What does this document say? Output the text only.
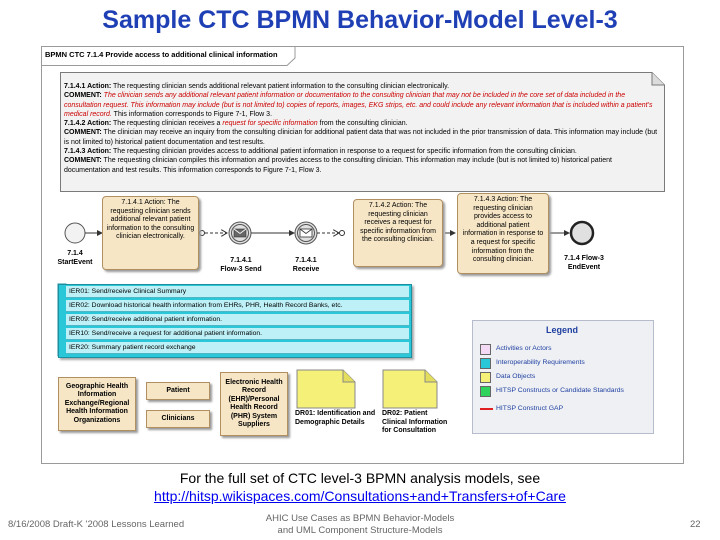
Sample CTC BPMN Behavior-Model Level-3
BPMN CTC 7.1.4 Provide access to additional clinical information

7.1.4.1 Action: The requesting clinician sends additional relevant patient information to the consulting clinician electronically.

COMMENT: The clinician sends any additional relevant patient information or documentation to the consulting clinician that may not be included in the core set of data included in the consultation request. This information may include (but is not limited to) copies of reports, images, EKG strips, etc. and could include any relevant information that is included within a patient's medical record. This information corresponds to Figure 7-1, Flow 3.

7.1.4.2 Action: The requesting clinician receives a request for specific information from the consulting clinician.

COMMENT: The clinician may receive an inquiry from the consulting clinician for additional patient data that was not included in the prior transmission of data. This information may include (but is not limited to) historical patient documentation and test results.

7.1.4.3 Action: The requesting clinician provides access to additional patient information in response to a request for specific information from the consulting clinician.

COMMENT: The requesting clinician compiles this information and provides access to the consulting clinician. This information may include (but is not limited to) historical patient documentation and test results. This information corresponds to Figure 7-1, Flow 3.

7.1.4.1 Action: The requesting clinician sends additional relevant patient information to the consulting clinician electronically.
7.1.4.2 Action: The requesting clinician receives a request for specific information from the consulting clinician.
7.1.4.3 Action: The requesting clinician provides access to additional patient information in response to a request for specific information from the consulting clinician.
7.1.4
StartEvent	7.1.4.1
Flow-3 Send
7.1.4.1
Receive
7.1.4 Flow-3
EndEvent
IER01: Send/receive Clinical Summary
IER02: Download historical health information from EHRs, PHR, Health Record Banks, etc.
IER09: Send/receive additional patient information.
IER10: Send/receive a request for additional patient information.
IER20: Summary patient record exchange
Geographic Health Information Exchange/Regional Health Information Organizations
Patient
Clinicians
Electronic Health Record (EHR)/Personal Health Record (PHR) System Suppliers
DR01: Identification and Demographic Details
DR02: Patient Clinical Information for Consultation
Legend
Activities or Actors
Interoperability Requirements
Data Objects
HITSP Constructs or Candidate Standards
HITSP Construct GAP
For the full set of CTC level-3 BPMN analysis models, see
http://hitsp.wikispaces.com/Consultations+and+Transfers+of+Care
8/16/2008 Draft-K '2008 Lessons Learned
AHIC Use Cases as BPMN Behavior-Models
and UML Component Structure-Models
22
